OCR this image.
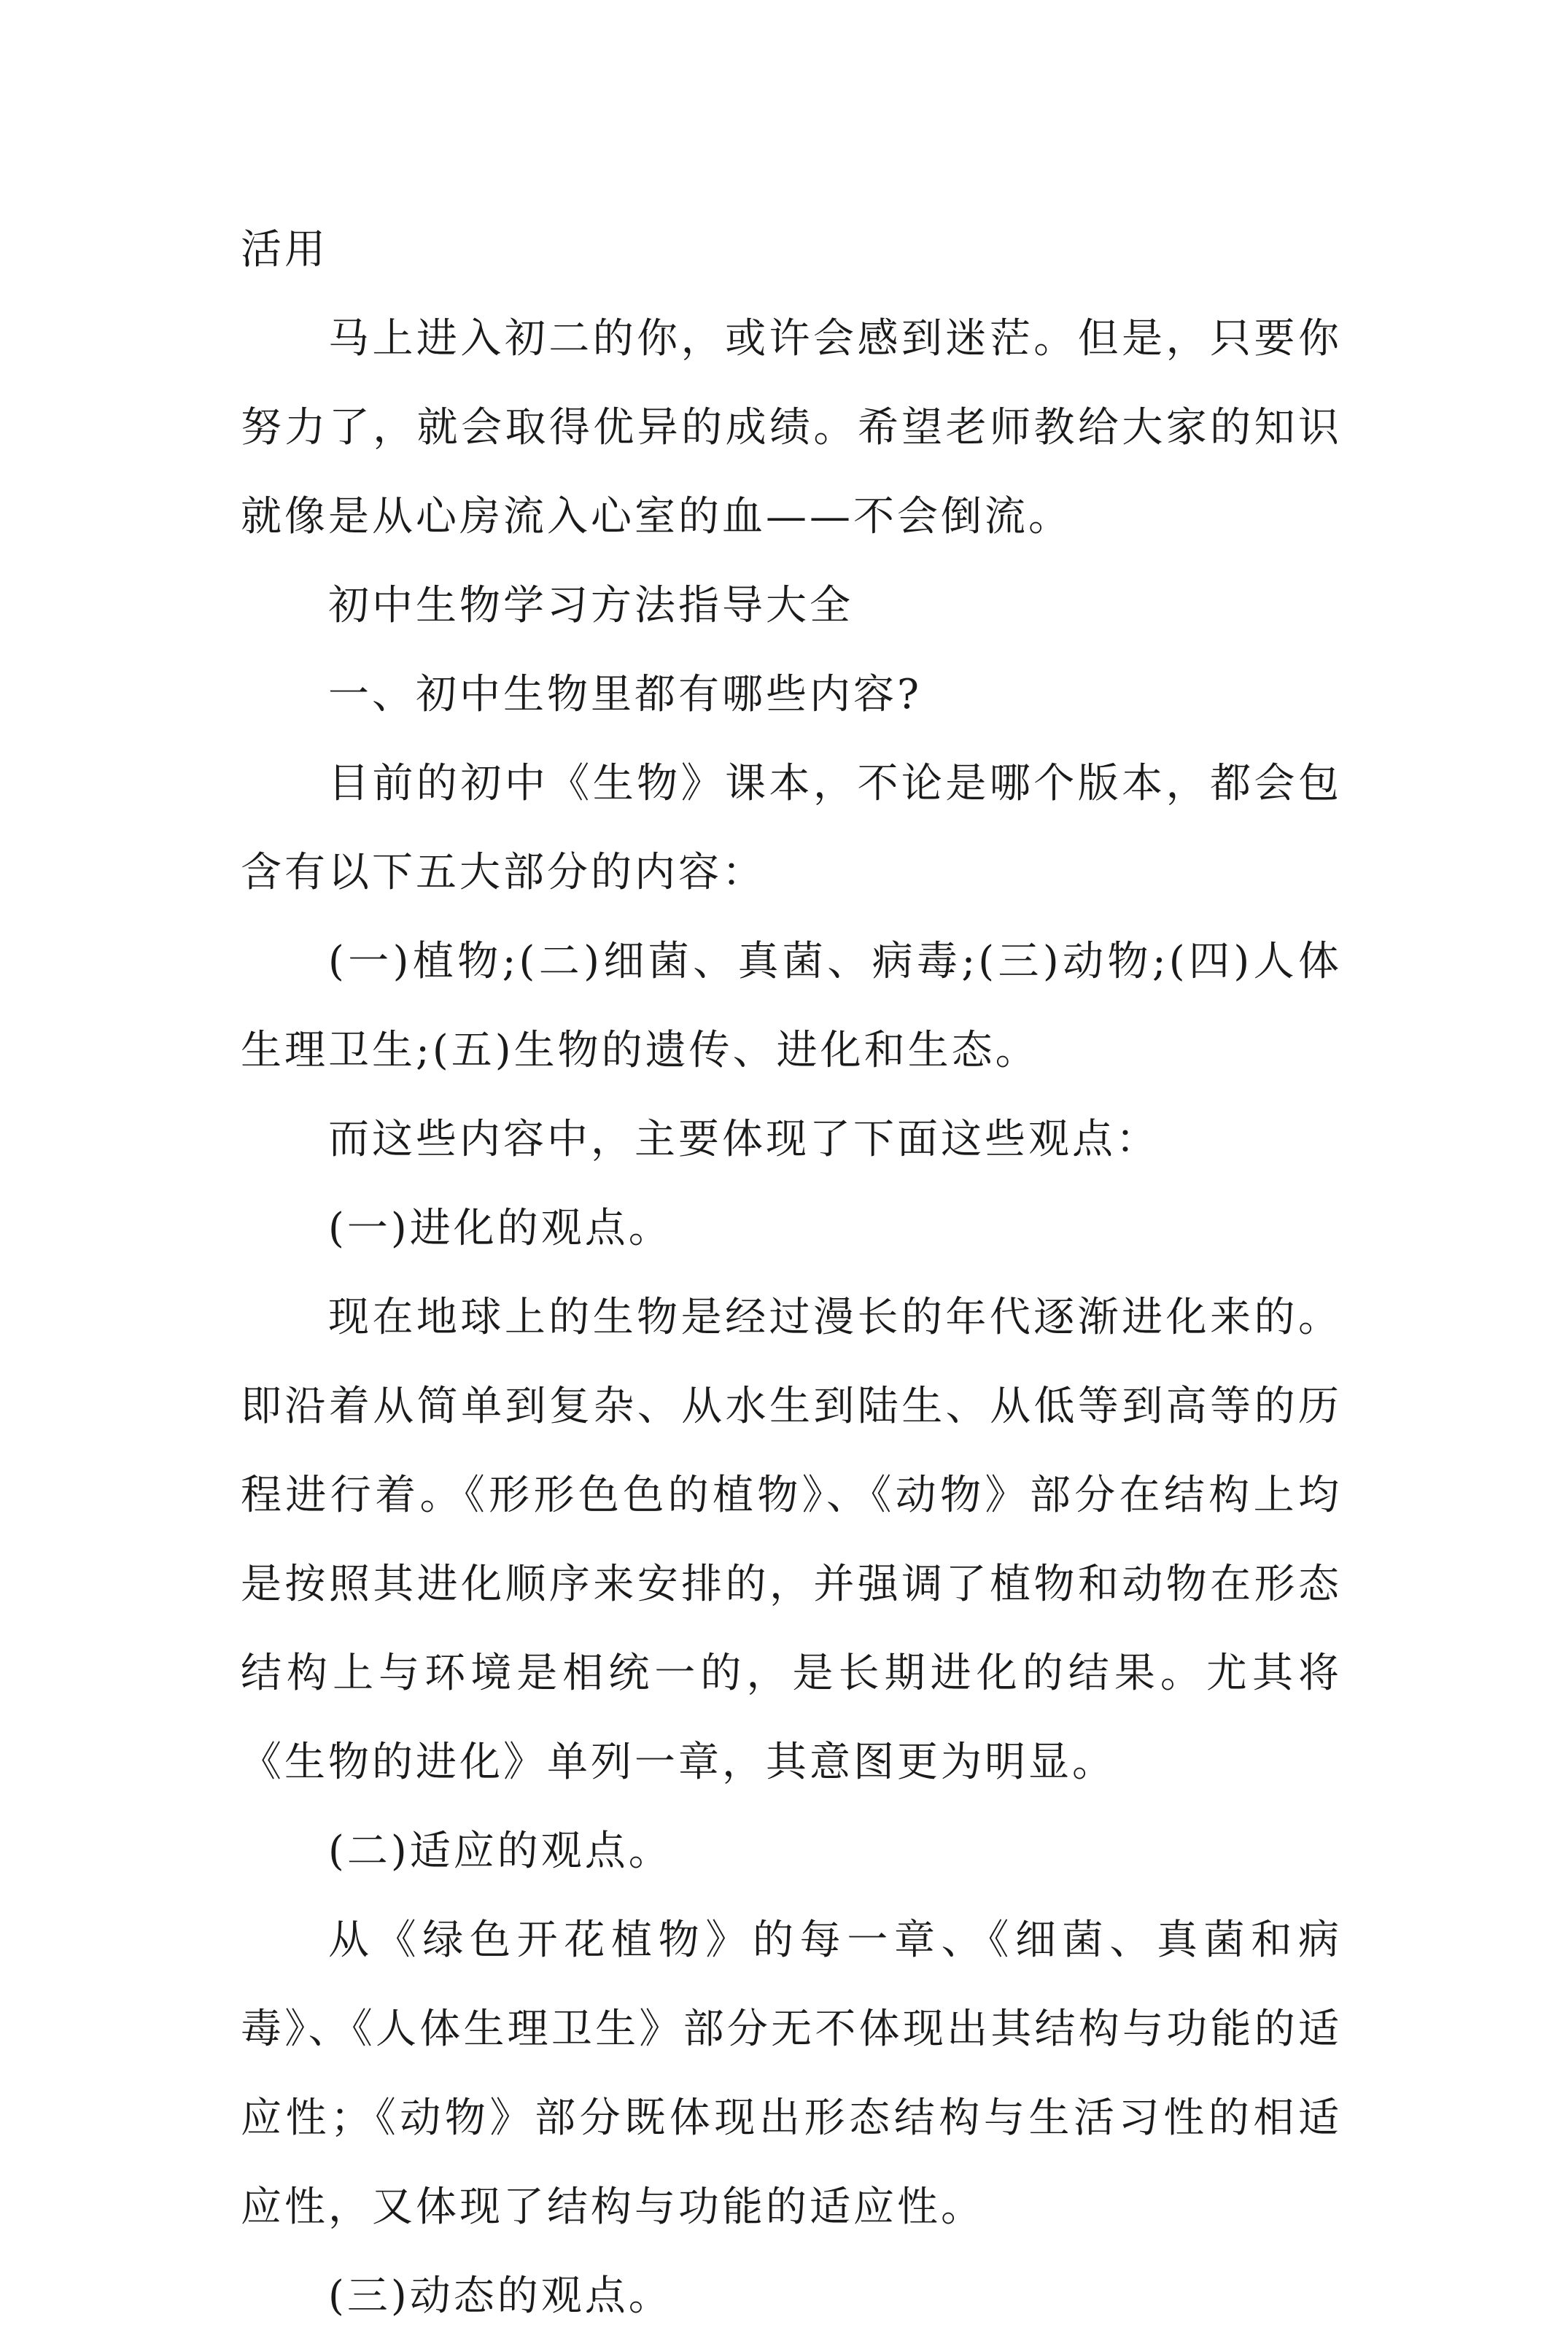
活用

马上进入初二的你，或许会感到迷茫。但是，只要你努力了，就会取得优异的成绩。希望老师教给大家的知识就像是从心房流入心室的血——不会倒流。

初中生物学习方法指导大全

一、初中生物里都有哪些内容?

目前的初中《生物》课本，不论是哪个版本，都会包含有以下五大部分的内容：

(一)植物;(二)细菌、真菌、病毒;(三)动物;(四)人体生理卫生;(五)生物的遗传、进化和生态。

而这些内容中，主要体现了下面这些观点：

(一)进化的观点。

现在地球上的生物是经过漫长的年代逐渐进化来的。即沿着从简单到复杂、从水生到陆生、从低等到高等的历程进行着。《形形色色的植物》、《动物》部分在结构上均是按照其进化顺序来安排的，并强调了植物和动物在形态结构上与环境是相统一的，是长期进化的结果。尤其将《生物的进化》单列一章，其意图更为明显。

(二)适应的观点。

从《绿色开花植物》的每一章、《细菌、真菌和病毒》、《人体生理卫生》部分无不体现出其结构与功能的适应性；《动物》部分既体现出形态结构与生活习性的相适应性，又体现了结构与功能的适应性。

(三)动态的观点。
